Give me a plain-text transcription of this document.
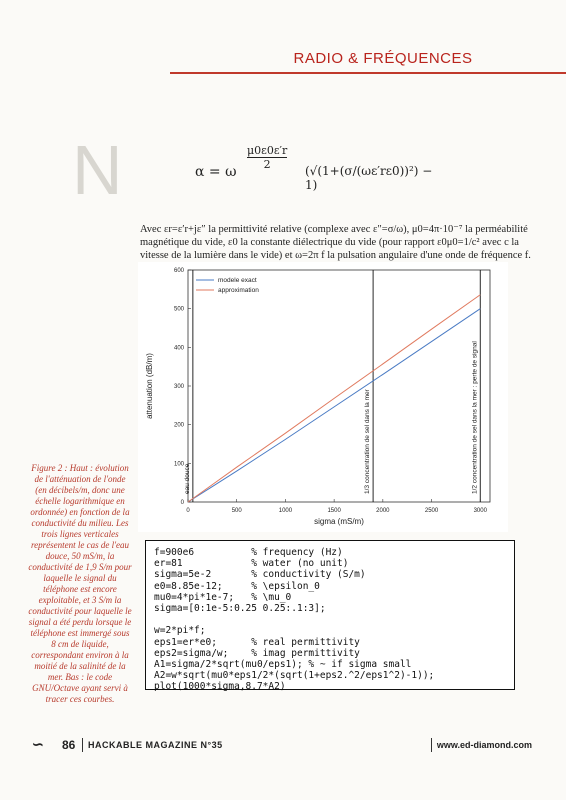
RADIO & FRÉQUENCES
N	α = ω
$\frac{\mu 0\varepsilon 0\varepsilon'r}{2} (√(1+(\sigma/(\omega\varepsilon'r\varepsilon 0))^2) - 1)$

Avec εr=ε′r+jε″ la permittivité relative (complexe avec ε″=σ/ω), μ0=4π·10⁻⁷ la perméabilité magnétique du vide, ε0 la constante diélectrique du vide (pour rapport ε0μ0=1/c² avec c la vitesse de la lumière dans le vide) et ω=2π f la pulsation angulaire d'une onde de fréquence f.

0	500	1000	1500	2000	2500	3000
0
100
200
300
400
500
600
sigma (mS/m)
attenuation (dB/m)
eau douce	1/3 concentration de sel dans la mer	1/2 concentration de sel dans la mer : perte de signal
modele exact
approximation
Figure 2 : Haut : évolution de l'atténuation de l'onde (en décibels/m, donc une échelle logarithmique en ordonnée) en fonction de la conductivité du milieu. Les trois lignes verticales représentent le cas de l'eau douce, 50 mS/m, la conductivité de 1,9 S/m pour laquelle le signal du téléphone est encore exploitable, et 3 S/m la conductivité pour laquelle le signal a été perdu lorsque le téléphone est immergé sous 8 cm de liquide, correspondant environ à la moitié de la salinité de la mer. Bas : le code GNU/Octave ayant servi à tracer ces courbes.
f=900e6          % frequency (Hz)
er=81            % water (no unit)
sigma=5e-2       % conductivity (S/m)
e0=8.85e-12;     % \epsilon_0
mu0=4*pi*1e-7;   % \mu_0
sigma=[0:1e-5:0.25 0.25:.1:3];

w=2*pi*f;
eps1=er*e0;      % real permittivity
eps2=sigma/w;    % imag permittivity
A1=sigma/2*sqrt(mu0/eps1); % ~ if sigma small
A2=w*sqrt(mu0*eps1/2*(sqrt(1+eps2.^2/eps1^2)-1));
plot(1000*sigma,8.7*A2)
∽ 86 HACKABLE MAGAZINE N°35	www.ed-diamond.com
